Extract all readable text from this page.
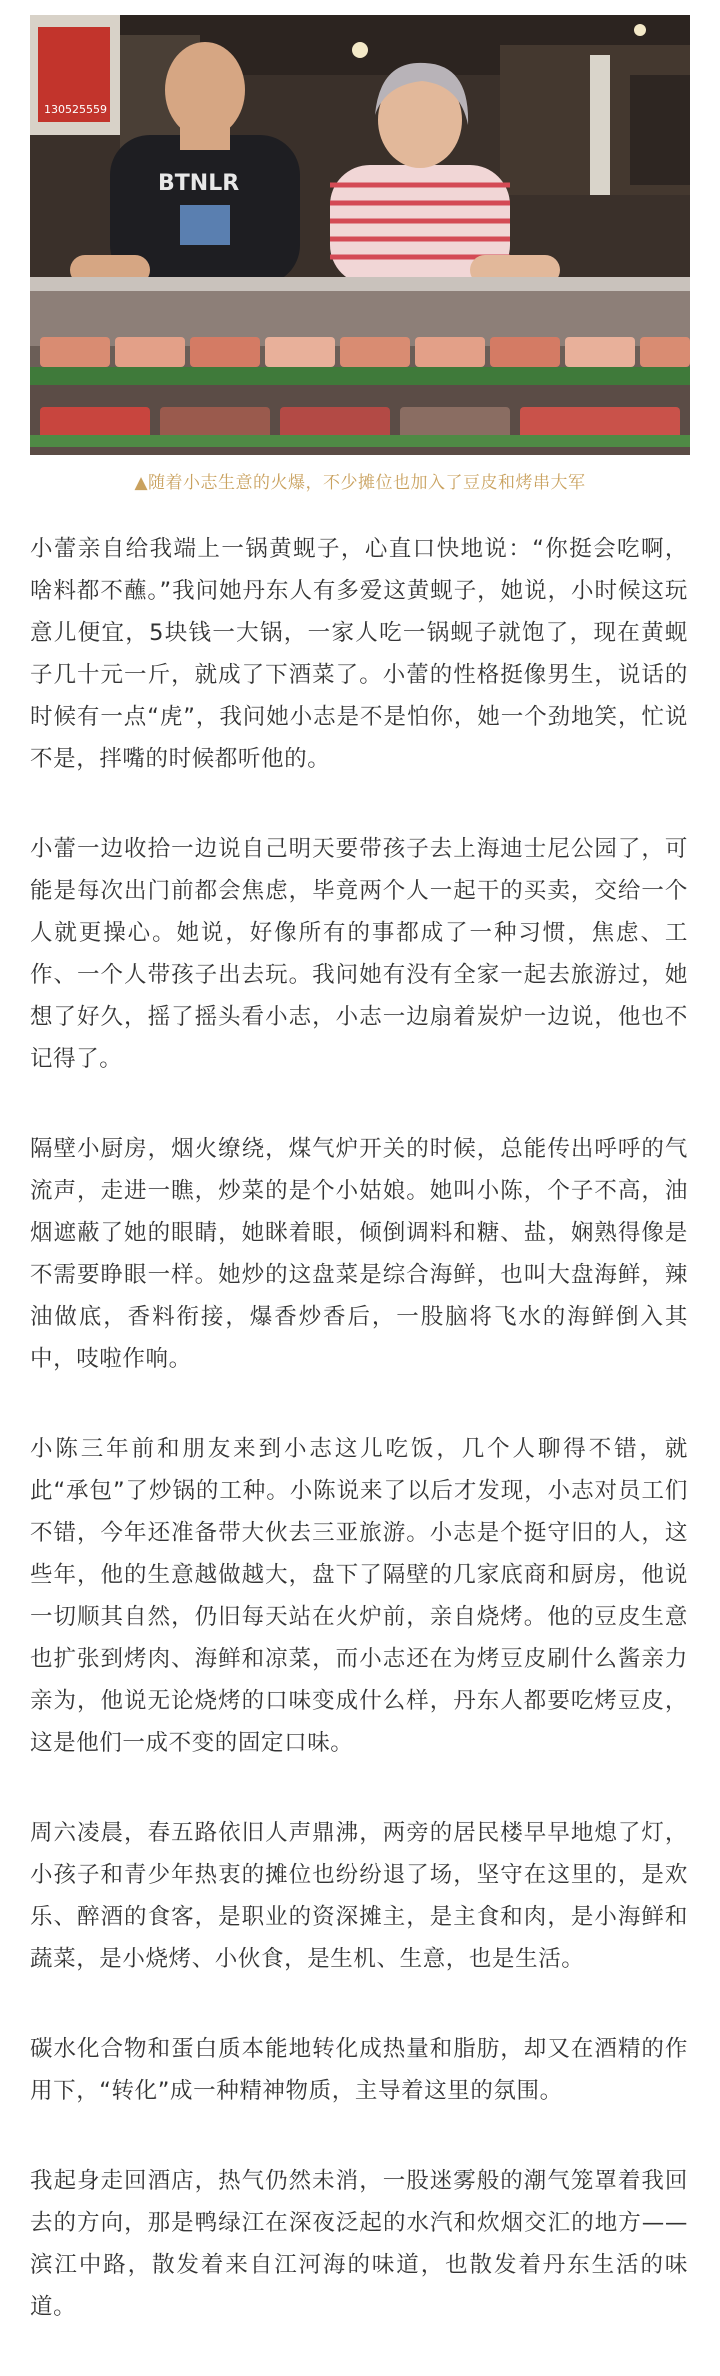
130525559
BTNLR
▲随着小志生意的火爆，不少摊位也加入了豆皮和烤串大军

小蕾亲自给我端上一锅黄蚬子，心直口快地说：“你挺会吃啊，啥料都不蘸。”我问她丹东人有多爱这黄蚬子，她说，小时候这玩意儿便宜，5块钱一大锅，一家人吃一锅蚬子就饱了，现在黄蚬子几十元一斤，就成了下酒菜了。小蕾的性格挺像男生，说话的时候有一点“虎”，我问她小志是不是怕你，她一个劲地笑，忙说不是，拌嘴的时候都听他的。

小蕾一边收拾一边说自己明天要带孩子去上海迪士尼公园了，可能是每次出门前都会焦虑，毕竟两个人一起干的买卖，交给一个人就更操心。她说，好像所有的事都成了一种习惯，焦虑、工作、一个人带孩子出去玩。我问她有没有全家一起去旅游过，她想了好久，摇了摇头看小志，小志一边扇着炭炉一边说，他也不记得了。

隔壁小厨房，烟火缭绕，煤气炉开关的时候，总能传出呼呼的气流声，走进一瞧，炒菜的是个小姑娘。她叫小陈，个子不高，油烟遮蔽了她的眼睛，她眯着眼，倾倒调料和糖、盐，娴熟得像是不需要睁眼一样。她炒的这盘菜是综合海鲜，也叫大盘海鲜，辣油做底，香料衔接，爆香炒香后，一股脑将飞水的海鲜倒入其中，吱啦作响。

小陈三年前和朋友来到小志这儿吃饭，几个人聊得不错，就此“承包”了炒锅的工种。小陈说来了以后才发现，小志对员工们不错，今年还准备带大伙去三亚旅游。小志是个挺守旧的人，这些年，他的生意越做越大，盘下了隔壁的几家底商和厨房，他说一切顺其自然，仍旧每天站在火炉前，亲自烧烤。他的豆皮生意也扩张到烤肉、海鲜和凉菜，而小志还在为烤豆皮刷什么酱亲力亲为，他说无论烧烤的口味变成什么样，丹东人都要吃烤豆皮，这是他们一成不变的固定口味。

周六凌晨，春五路依旧人声鼎沸，两旁的居民楼早早地熄了灯，小孩子和青少年热衷的摊位也纷纷退了场，坚守在这里的，是欢乐、醉酒的食客，是职业的资深摊主，是主食和肉，是小海鲜和蔬菜，是小烧烤、小伙食，是生机、生意，也是生活。

碳水化合物和蛋白质本能地转化成热量和脂肪，却又在酒精的作用下，“转化”成一种精神物质，主导着这里的氛围。

我起身走回酒店，热气仍然未消，一股迷雾般的潮气笼罩着我回去的方向，那是鸭绿江在深夜泛起的水汽和炊烟交汇的地方——滨江中路，散发着来自江河海的味道，也散发着丹东生活的味道。
